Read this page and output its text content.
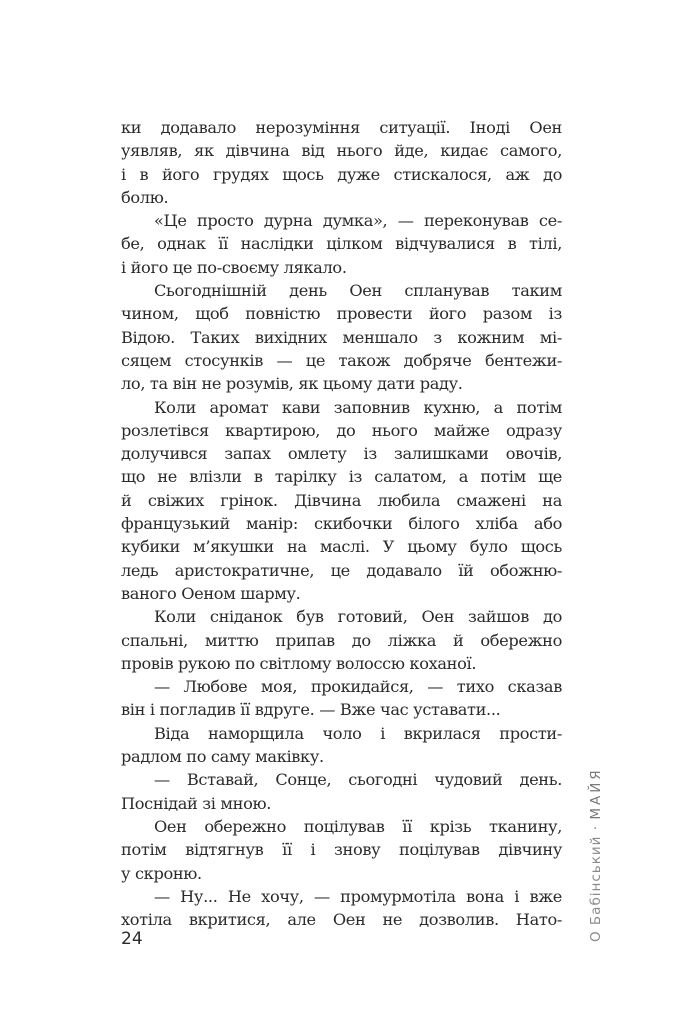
ки додавало нерозуміння ситуації. Іноді Оен
уявляв, як дівчина від нього йде, кидає самого,
і в його грудях щось дуже стискалося, аж до
болю.
«Це просто дурна думка», — переконував се-
бе, однак її наслідки цілком відчувалися в тілі,
і його це по-своєму лякало.
Сьогоднішній день Оен спланував таким
чином, щоб повністю провести його разом із
Відою. Таких вихідних меншало з кожним мі-
сяцем стосунків — це також добряче бентежи-
ло, та він не розумів, як цьому дати раду.
Коли аромат кави заповнив кухню, а потім
розлетівся квартирою, до нього майже одразу
долучився запах омлету із залишками овочів,
що не влізли в тарілку із салатом, а потім ще
й свіжих грінок. Дівчина любила смажені на
французький манір: скибочки білого хліба або
кубики м’якушки на маслі. У цьому було щось
ледь аристократичне, це додавало їй обожню-
ваного Оеном шарму.
Коли сніданок був готовий, Оен зайшов до
спальні, миттю припав до ліжка й обережно
провів рукою по світлому волоссю коханої.
— Любове моя, прокидайся, — тихо сказав
він і погладив її вдруге. — Вже час уставати...
Віда наморщила чоло і вкрилася прости-
радлом по саму маківку.
— Вставай, Сонце, сьогодні чудовий день.
Поснідай зі мною.
Оен обережно поцілував її крізь тканину,
потім відтягнув її і знову поцілував дівчину
у скроню.
— Ну... Не хочу, — промурмотіла вона і вже
хотіла вкритися, але Оен не дозволив. Нато-
24	О Бабінський · МАЙЯ
